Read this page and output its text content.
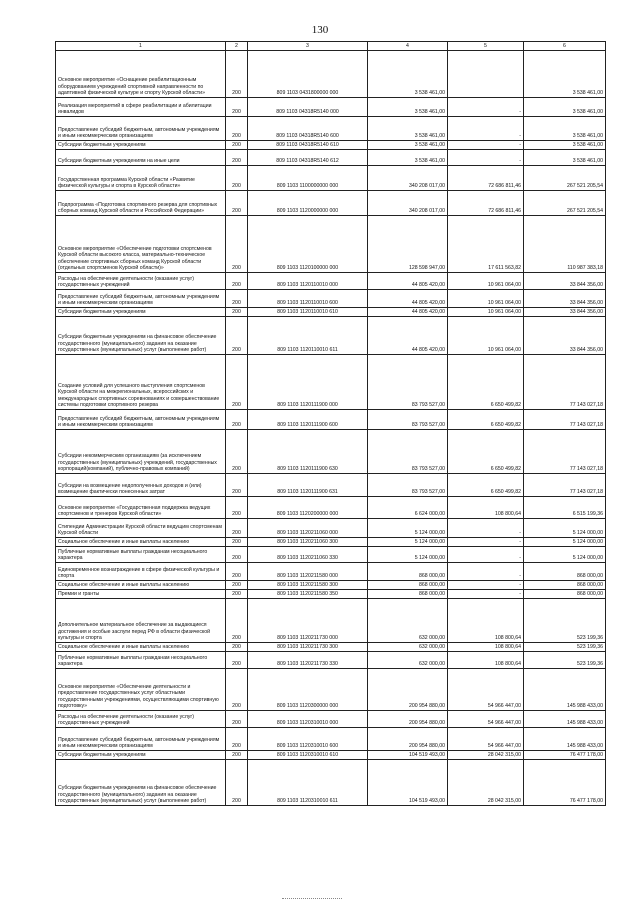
130
1	2	3	4	5	6
Основное мероприятие «Оснащение реабилитационным оборудованием учреждений спортивной направленности по адаптивной физической культуре и спорту Курской области»	200	809 1103 0431800000 000	3 538 461,00		3 538 461,00
Реализация мероприятий в сфере реабилитации и абилитации инвалидов	200	809 1103 04318R5140 000	3 538 461,00	-	3 538 461,00
Предоставление субсидий бюджетным, автономным учреждениям и иным некоммерческим организациям	200	809 1103 04318R5140 600	3 538 461,00	-	3 538 461,00
Субсидии бюджетным учреждениям	200	809 1103 04318R5140 610	3 538 461,00	-	3 538 461,00
Субсидии бюджетным учреждениям на иные цели	200	809 1103 04318R5140 612	3 538 461,00	-	3 538 461,00
Государственная программа Курской области «Развитие физической культуры и спорта в Курской области»	200	809 1103 1100000000 000	340 208 017,00	72 686 811,46	267 521 205,54
Подпрограмма «Подготовка спортивного резерва для спортивных сборных команд Курской области и Российской Федерации»	200	809 1103 1120000000 000	340 208 017,00	72 686 811,46	267 521 205,54
Основное мероприятие «Обеспечение подготовки спортсменов Курской области высокого класса, материально-техническое обеспечение спортивных сборных команд Курской области (отдельных спортсменов Курской области)»	200	809 1103 1120100000 000	128 598 947,00	17 611 563,82	110 987 383,18
Расходы на обеспечение деятельности (оказание услуг) государственных учреждений	200	809 1103 1120110010 000	44 805 420,00	10 961 064,00	33 844 356,00
Предоставление субсидий бюджетным, автономным учреждениям и иным некоммерческим организациям	200	809 1103 1120110010 600	44 805 420,00	10 961 064,00	33 844 356,00
Субсидии бюджетным учреждениям	200	809 1103 1120110010 610	44 805 420,00	10 961 064,00	33 844 356,00
Субсидии бюджетным учреждениям на финансовое обеспечение государственного (муниципального) задания на оказание государственных (муниципальных) услуг (выполнение работ)	200	809 1103 1120110010 611	44 805 420,00	10 961 064,00	33 844 356,00
Создание условий для успешного выступления спортсменов Курской области на межрегиональных, всероссийских и международных спортивных соревнованиях и совершенствование системы подготовки спортивного резерва	200	809 1103 1120111900 000	83 793 527,00	6 650 499,82	77 143 027,18
Предоставление субсидий бюджетным, автономным учреждениям и иным некоммерческим организациям	200	809 1103 1120111900 600	83 793 527,00	6 650 499,82	77 143 027,18
Субсидии некоммерческим организациям (за исключением государственных (муниципальных) учреждений, государственных корпораций(компаний), публично-правовых компаний)	200	809 1103 1120111900 630	83 793 527,00	6 650 499,82	77 143 027,18
Субсидии на возмещение недополученных доходов и (или) возмещение фактически понесенных затрат	200	809 1103 1120111900 631	83 793 527,00	6 650 499,82	77 143 027,18
Основное мероприятие «Государственная поддержка ведущих спортсменов и тренеров Курской области»	200	809 1103 1120200000 000	6 624 000,00	108 800,64	6 515 199,36
Стипендии Администрации Курской области ведущим спортсменам Курской области	200	809 1103 1120211060 000	5 124 000,00	-	5 124 000,00
Социальное обеспечение и иные выплаты населению	200	809 1103 1120211060 300	5 124 000,00	-	5 124 000,00
Публичные нормативные выплаты гражданам несоциального характера	200	809 1103 1120211060 330	5 124 000,00	-	5 124 000,00
Единовременное вознаграждение в сфере физической культуры и спорта	200	809 1103 1120211580 000	868 000,00	-	868 000,00
Социальное обеспечение и иные выплаты населению	200	809 1103 1120211580 300	868 000,00	-	868 000,00
Премии и гранты	200	809 1103 1120211580 350	868 000,00	-	868 000,00
Дополнительное материальное обеспечение за выдающиеся достижения и особые заслуги перед РФ в области физической культуры и спорта	200	809 1103 1120211730 000	632 000,00	108 800,64	523 199,36
Социальное обеспечение и иные выплаты населению	200	809 1103 1120211730 300	632 000,00	108 800,64	523 199,36
Публичные нормативные выплаты гражданам несоциального характера	200	809 1103 1120211730 330	632 000,00	108 800,64	523 199,36
Основное мероприятие «Обеспечение деятельности и предоставление государственных услуг областными государственными учреждениями, осуществляющими спортивную подготовку»	200	809 1103 1120300000 000	200 954 880,00	54 966 447,00	145 988 433,00
Расходы на обеспечение деятельности (оказание услуг) государственных учреждений	200	809 1103 1120310010 000	200 954 880,00	54 966 447,00	145 988 433,00
Предоставление субсидий бюджетным, автономным учреждениям и иным некоммерческим организациям	200	809 1103 1120310010 600	200 954 880,00	54 966 447,00	145 988 433,00
Субсидии бюджетным учреждениям	200	809 1103 1120310010 610	104 519 493,00	28 042 315,00	76 477 178,00
Субсидии бюджетным учреждениям на финансовое обеспечение государственного (муниципального) задания на оказание государственных (муниципальных) услуг (выполнение работ)	200	809 1103 1120310010 611	104 519 493,00	28 042 315,00	76 477 178,00
